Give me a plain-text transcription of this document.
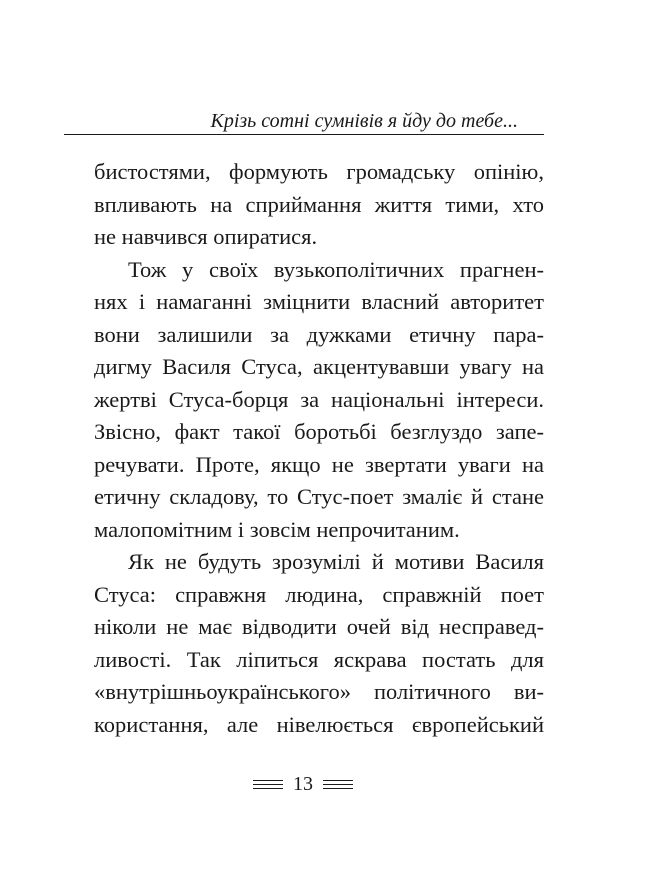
Крізь сотні сумнівів я йду до тебе...
бистостями, формують громадську опінію,
впливають на сприймання життя тими, хто
не навчився опиратися.
Тож у своїх вузькополітичних прагнен-
нях і намаганні зміцнити власний авторитет
вони залишили за дужками етичну пара-
дигму Василя Стуса, акцентувавши увагу на
жертві Стуса-борця за національні інтереси.
Звісно, факт такої боротьбі безглуздо запе-
речувати. Проте, якщо не звертати уваги на
етичну складову, то Стус-поет змаліє й стане
малопомітним і зовсім непрочитаним.
Як не будуть зрозумілі й мотиви Василя
Стуса: справжня людина, справжній поет
ніколи не має відводити очей від несправед-
ливості. Так ліпиться яскрава постать для
«внутрішньоукраїнського» політичного ви-
користання, але нівелюється європейський
13
